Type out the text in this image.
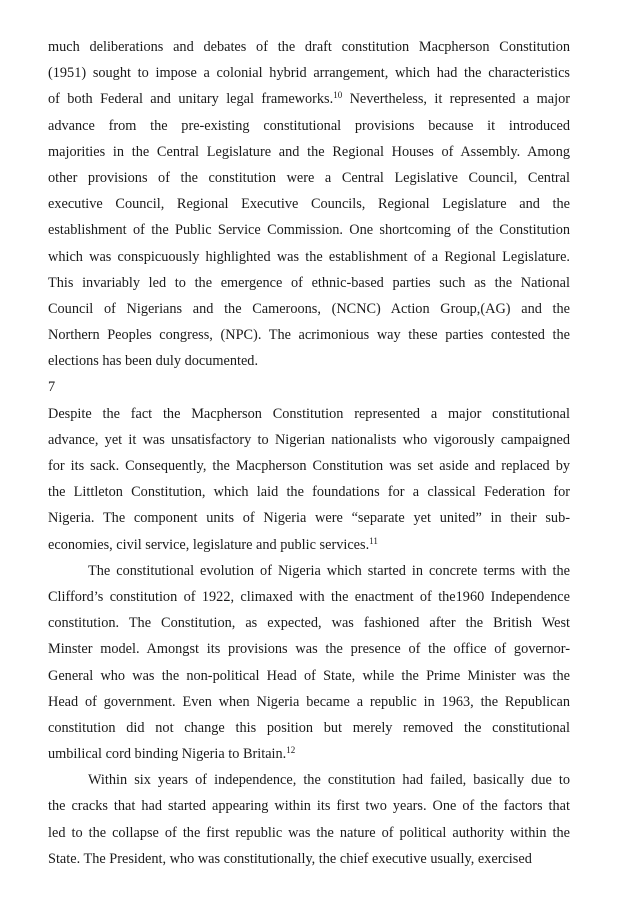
much deliberations and debates of the draft constitution Macpherson Constitution
(1951) sought to impose a colonial hybrid arrangement, which had the characteristics
of both Federal and unitary legal frameworks.$^{10}$ Nevertheless, it represented a major
advance from the pre-existing constitutional provisions because it introduced
majorities in the Central Legislature and the Regional Houses of Assembly. Among
other provisions of the constitution were a Central Legislative Council, Central
executive Council, Regional Executive Councils, Regional Legislature and the
establishment of the Public Service Commission. One shortcoming of the Constitution
which was conspicuously highlighted was the establishment of a Regional Legislature.
This invariably led to the emergence of ethnic-based parties such as the National
Council of Nigerians and the Cameroons, (NCNC) Action Group,(AG) and the
Northern Peoples congress, (NPC). The acrimonious way these parties contested the
elections has been duly documented.
7
Despite the fact the Macpherson Constitution represented a major constitutional
advance, yet it was unsatisfactory to Nigerian nationalists who vigorously campaigned
for its sack. Consequently, the Macpherson Constitution was set aside and replaced by
the Littleton Constitution, which laid the foundations for a classical Federation for
Nigeria. The component units of Nigeria were “separate yet united” in their sub-
economies, civil service, legislature and public services.$^{11}$
The constitutional evolution of Nigeria which started in concrete terms with the
Clifford’s constitution of 1922, climaxed with the enactment of the1960 Independence
constitution. The Constitution, as expected, was fashioned after the British West
Minster model. Amongst its provisions was the presence of the office of governor-
General who was the non-political Head of State, while the Prime Minister was the
Head of government. Even when Nigeria became a republic in 1963, the Republican
constitution did not change this position but merely removed the constitutional
umbilical cord binding Nigeria to Britain.$^{12}$
Within six years of independence, the constitution had failed, basically due to
the cracks that had started appearing within its first two years. One of the factors that
led to the collapse of the first republic was the nature of political authority within the
State. The President, who was constitutionally, the chief executive usually, exercised
